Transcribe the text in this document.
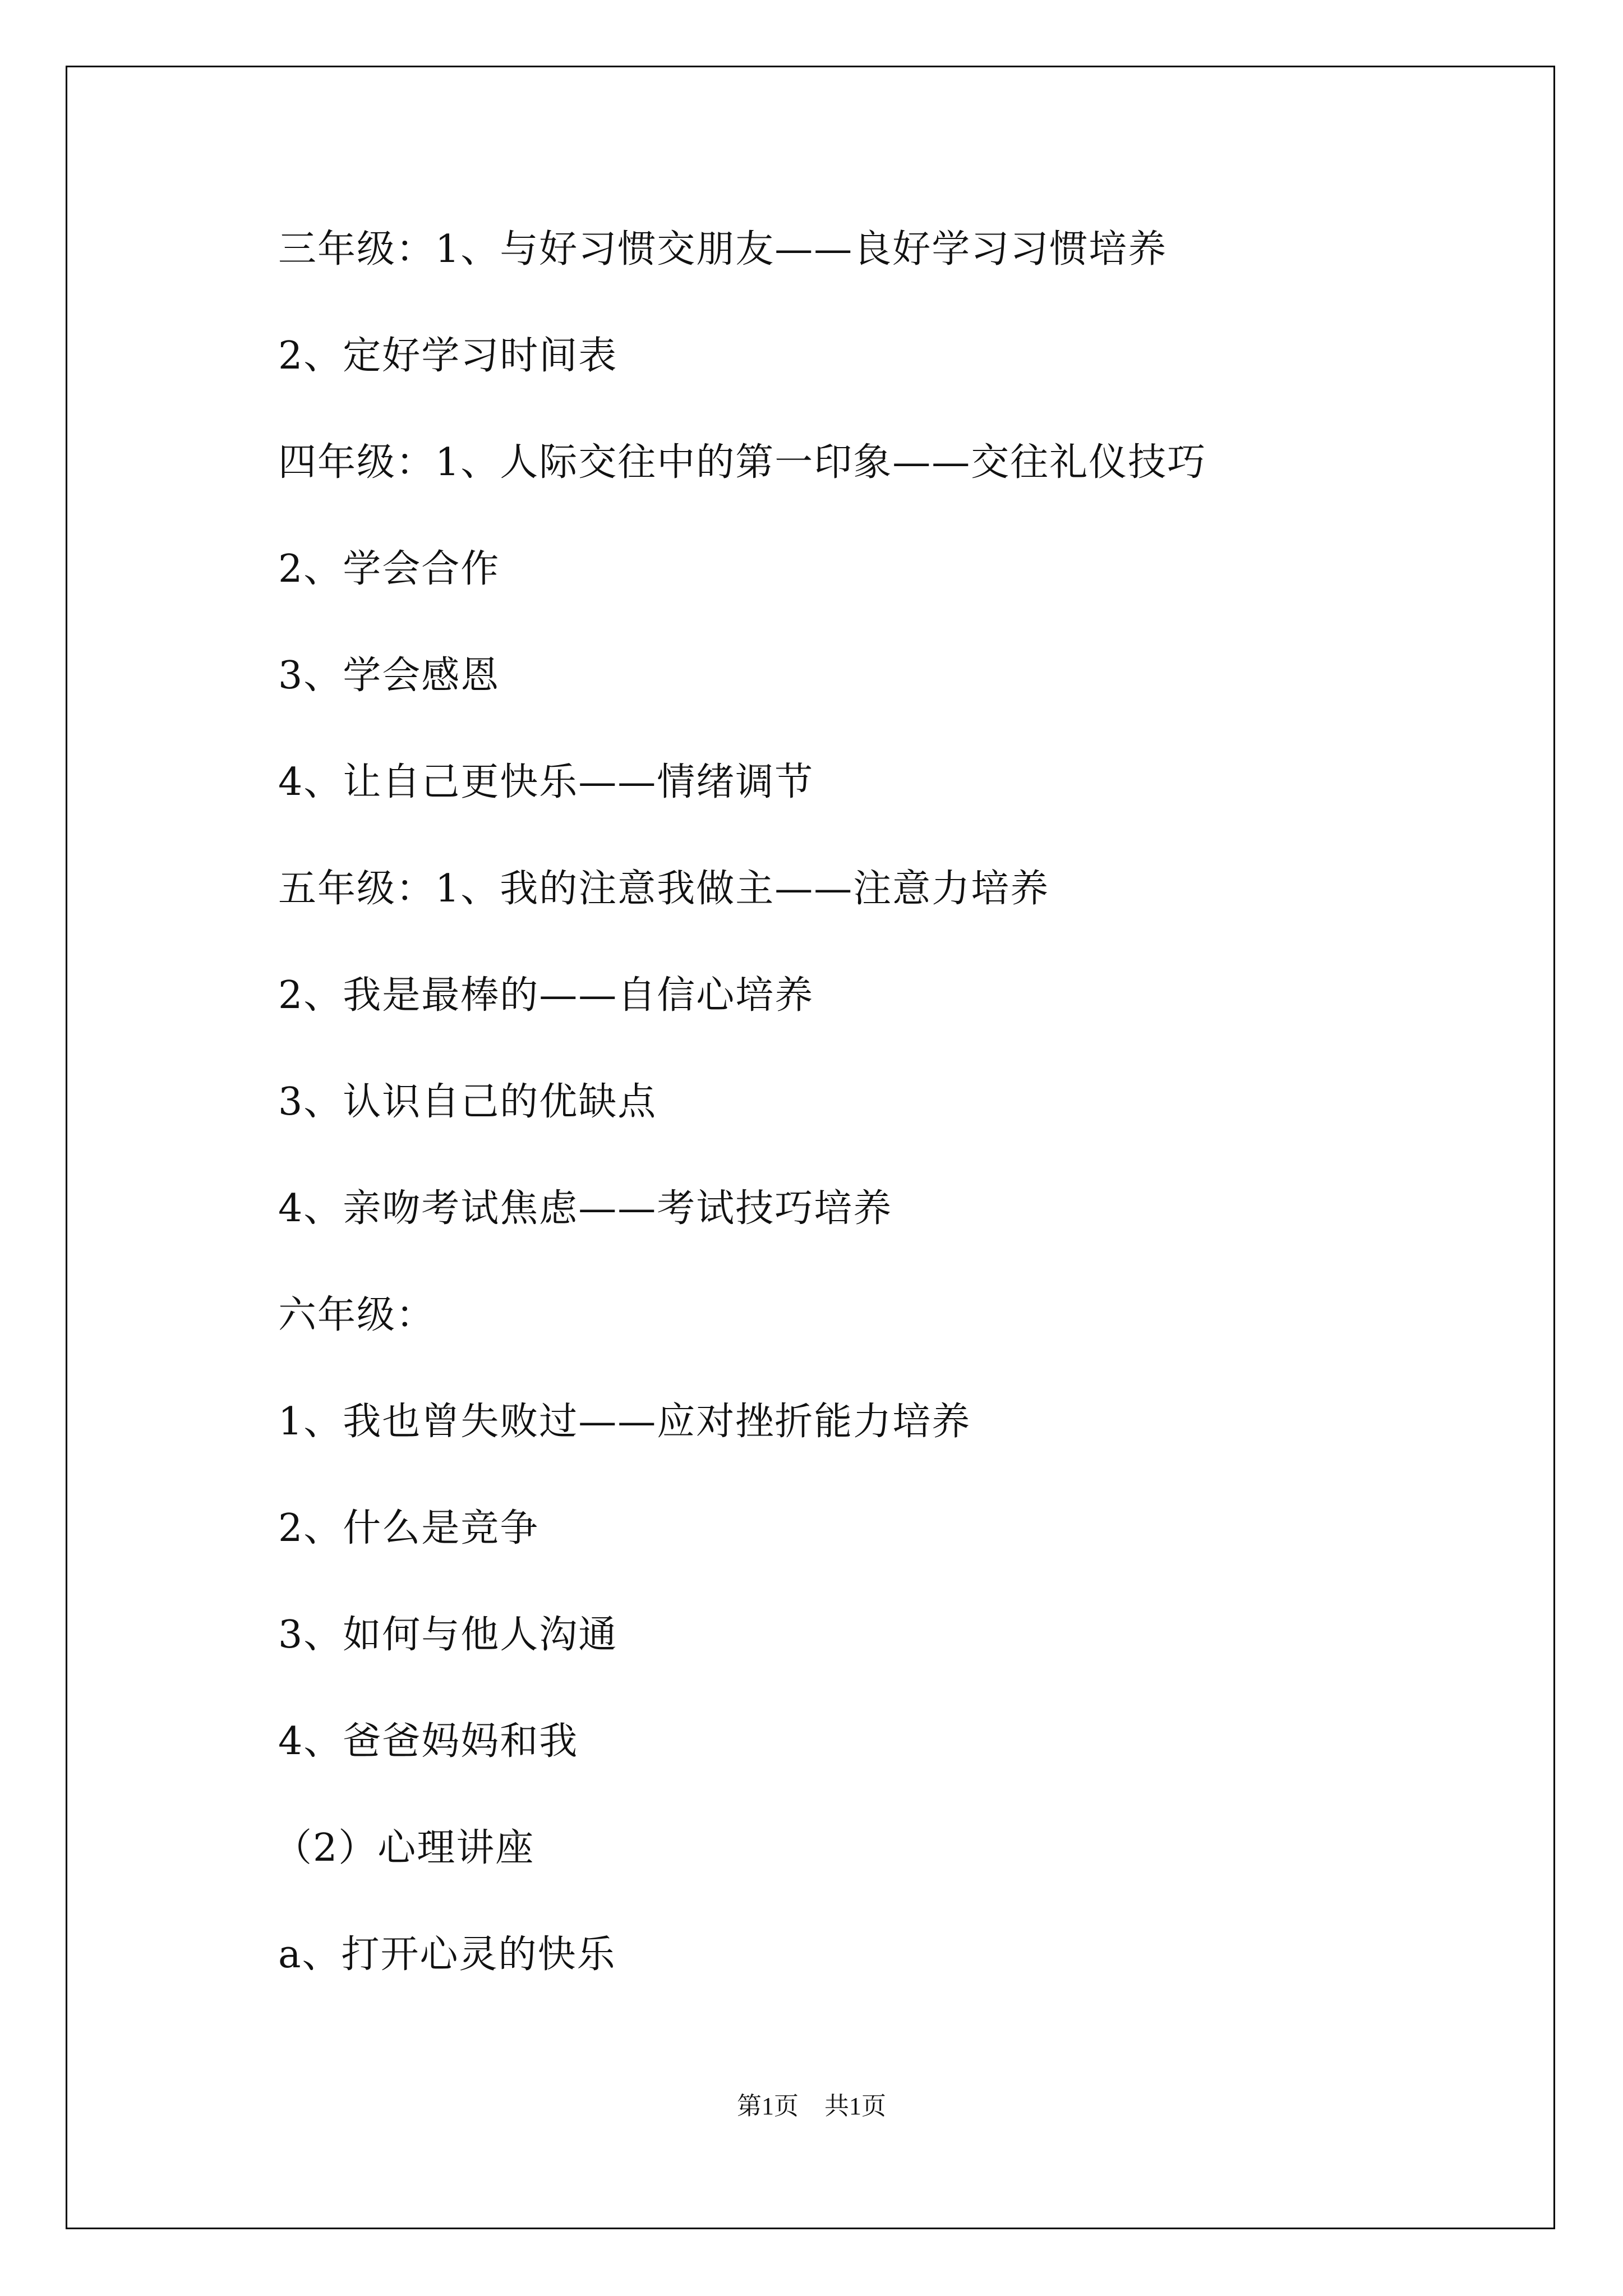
三年级：1、与好习惯交朋友——良好学习习惯培养

2、定好学习时间表

四年级：1、人际交往中的第一印象——交往礼仪技巧

2、学会合作

3、学会感恩

4、让自己更快乐——情绪调节

五年级：1、我的注意我做主——注意力培养

2、我是最棒的——自信心培养

3、认识自己的优缺点

4、亲吻考试焦虑——考试技巧培养

六年级：

1、我也曾失败过——应对挫折能力培养

2、什么是竞争

3、如何与他人沟通

4、爸爸妈妈和我

（2）心理讲座

a、打开心灵的快乐

第1页 共1页
